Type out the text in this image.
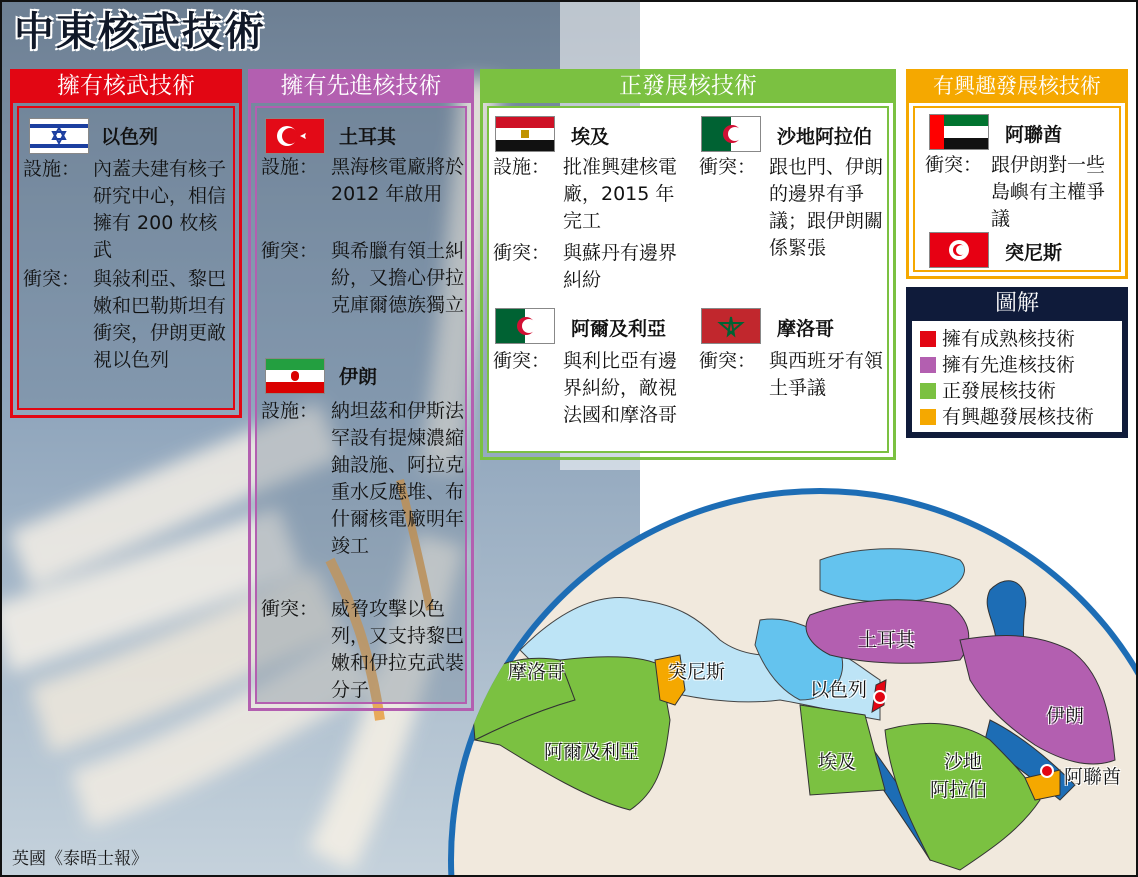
中東核武技術
擁有核武技術
以色列
設施： 內蓋夫建有核子研究中心，相信擁有 200 枚核武
衝突： 與敍利亞、黎巴嫩和巴勒斯坦有衝突，伊朗更敵視以色列
擁有先進核技術
土耳其
設施： 黑海核電廠將於 2012 年啟用
衝突： 與希臘有領土糾紛，又擔心伊拉克庫爾德族獨立
伊朗
設施： 納坦茲和伊斯法罕設有提煉濃縮鈾設施、阿拉克重水反應堆、布什爾核電廠明年竣工
衝突： 威脅攻擊以色列，又支持黎巴嫩和伊拉克武裝分子
正發展核技術
埃及
設施： 批准興建核電廠，2015 年完工
衝突： 與蘇丹有邊界糾紛
沙地阿拉伯
衝突： 跟也門、伊朗的邊界有爭議；跟伊朗關係緊張
阿爾及利亞
衝突： 與利比亞有邊界糾紛，敵視法國和摩洛哥
摩洛哥
衝突： 與西班牙有領土爭議
有興趣發展核技術
阿聯酋
衝突： 跟伊朗對一些島嶼有主權爭議
突尼斯
圖解
擁有成熟核技術
擁有先進核技術
正發展核技術
有興趣發展核技術
摩洛哥	突尼斯
阿爾及利亞	埃及
以色列
土耳其
伊朗
沙地
阿拉伯
阿聯酋
英國《泰晤士報》
